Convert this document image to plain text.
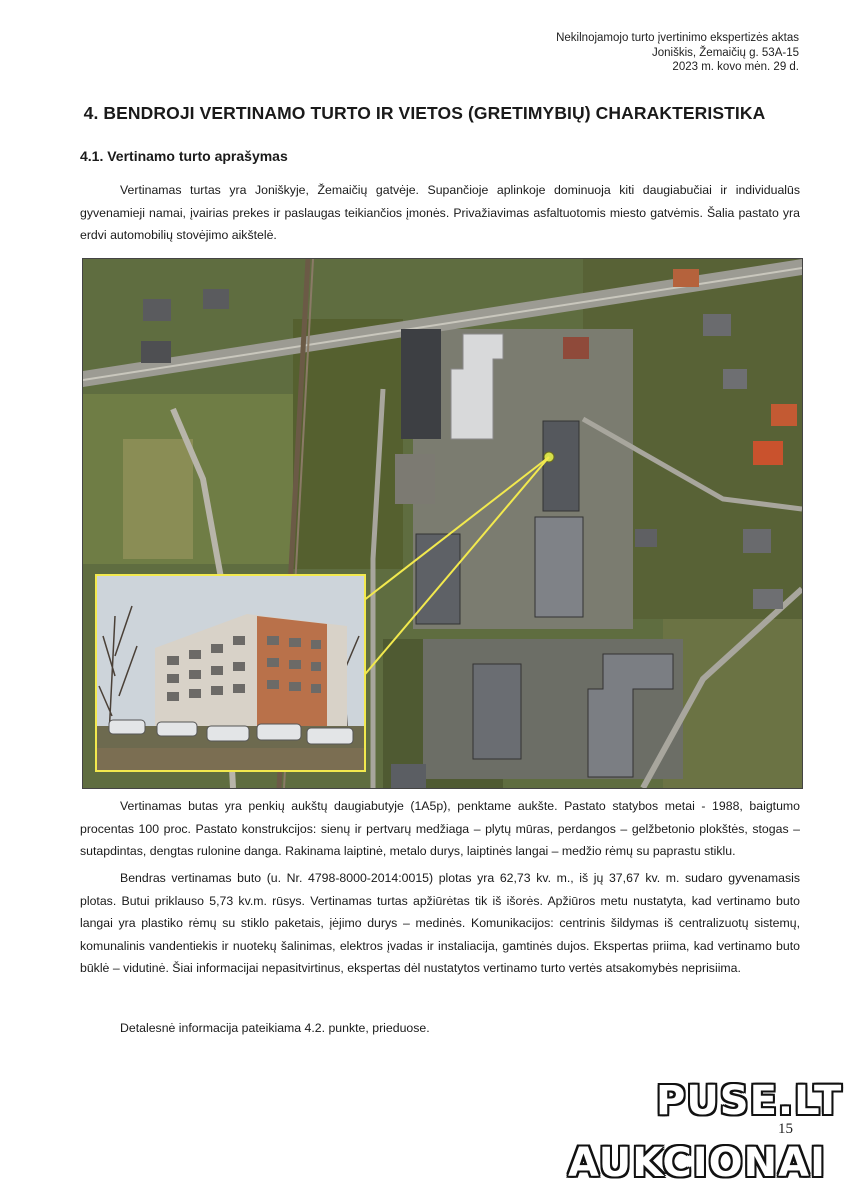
Nekilnojamojo turto įvertinimo ekspertizės aktas
Joniškis, Žemaičių g. 53A-15
2023 m. kovo mėn. 29 d.
4. BENDROJI VERTINAMO TURTO IR VIETOS (GRETIMYBIŲ) CHARAKTERISTIKA
4.1. Vertinamo turto aprašymas

Vertinamas turtas yra Joniškyje, Žemaičių gatvėje. Supančioje aplinkoje dominuoja kiti daugiabučiai ir individualūs gyvenamieji namai, įvairias prekes ir paslaugas teikiančios įmonės. Privažiavimas asfaltuotomis miesto gatvėmis. Šalia pastato yra erdvi automobilių stovėjimo aikštelė.

Vertinamas butas yra penkių aukštų daugiabutyje (1A5p), penktame aukšte. Pastato statybos metai - 1988, baigtumo procentas 100 proc. Pastato konstrukcijos: sienų ir pertvarų medžiaga – plytų mūras, perdangos – gelžbetonio plokštės, stogas – sutapdintas, dengtas rulonine danga. Rakinama laiptinė, metalo durys, laiptinės langai – medžio rėmų su paprastu stiklu.

Bendras vertinamas buto (u. Nr. 4798-8000-2014:0015) plotas yra 62,73 kv. m., iš jų 37,67 kv. m. sudaro gyvenamasis plotas. Butui priklauso 5,73 kv.m. rūsys. Vertinamas turtas apžiūrėtas tik iš išorės. Apžiūros metu nustatyta, kad vertinamo buto langai yra plastiko rėmų su stiklo paketais, įėjimo durys – medinės. Komunikacijos: centrinis šildymas iš centralizuotų sistemų, komunalinis vandentiekis ir nuotekų šalinimas, elektros įvadas ir instaliacija, gamtinės dujos. Ekspertas priima, kad vertinamo buto būklė – vidutinė. Šiai informacijai nepasitvirtinus, ekspertas dėl nustatytos vertinamo turto vertės atsakomybės neprisiima.

Detalesnė informacija pateikiama 4.2. punkte, prieduose.

15
PUSE.LT
AUKCIONAI
